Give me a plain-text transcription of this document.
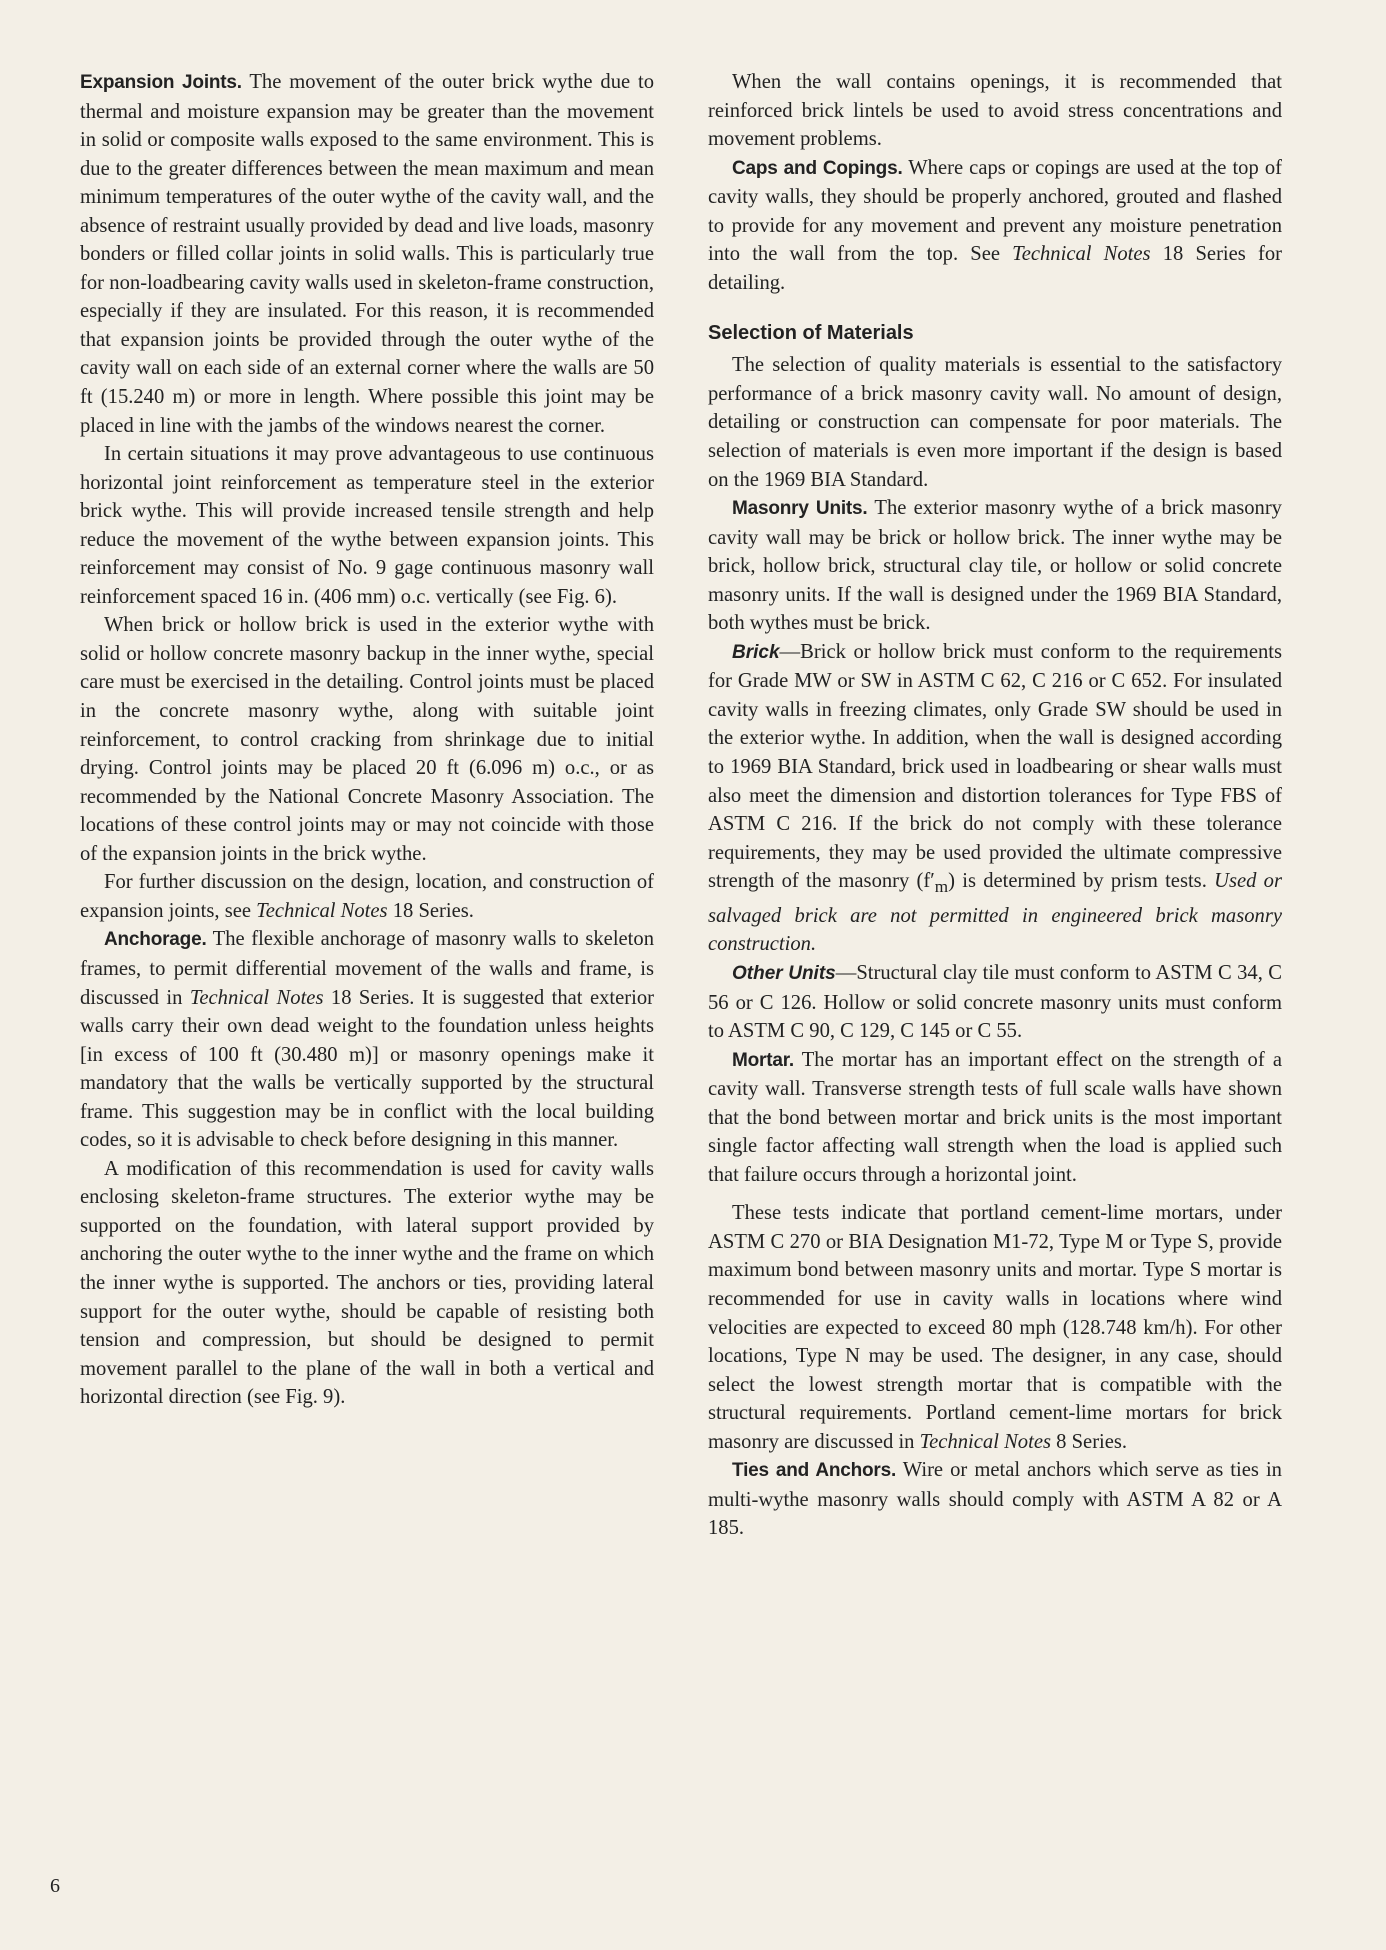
Expansion Joints. The movement of the outer brick wythe due to thermal and moisture expansion may be greater than the movement in solid or composite walls exposed to the same environment. This is due to the greater differences between the mean maximum and mean minimum temperatures of the outer wythe of the cavity wall, and the absence of restraint usually provided by dead and live loads, masonry bonders or filled collar joints in solid walls. This is particularly true for non-loadbearing cavity walls used in skeleton-frame construction, especially if they are insulated. For this reason, it is recommended that expansion joints be provided through the outer wythe of the cavity wall on each side of an external corner where the walls are 50 ft (15.240 m) or more in length. Where possible this joint may be placed in line with the jambs of the windows nearest the corner.

In certain situations it may prove advantageous to use continuous horizontal joint reinforcement as temperature steel in the exterior brick wythe. This will provide increased tensile strength and help reduce the movement of the wythe between expansion joints. This reinforcement may consist of No. 9 gage continuous masonry wall reinforcement spaced 16 in. (406 mm) o.c. vertically (see Fig. 6).

When brick or hollow brick is used in the exterior wythe with solid or hollow concrete masonry backup in the inner wythe, special care must be exercised in the detailing. Control joints must be placed in the concrete masonry wythe, along with suitable joint reinforcement, to control cracking from shrinkage due to initial drying. Control joints may be placed 20 ft (6.096 m) o.c., or as recommended by the National Concrete Masonry Association. The locations of these control joints may or may not coincide with those of the expansion joints in the brick wythe.

For further discussion on the design, location, and construction of expansion joints, see Technical Notes 18 Series.

Anchorage. The flexible anchorage of masonry walls to skeleton frames, to permit differential movement of the walls and frame, is discussed in Technical Notes 18 Series. It is suggested that exterior walls carry their own dead weight to the foundation unless heights [in excess of 100 ft (30.480 m)] or masonry openings make it mandatory that the walls be vertically supported by the structural frame. This suggestion may be in conflict with the local building codes, so it is advisable to check before designing in this manner.

A modification of this recommendation is used for cavity walls enclosing skeleton-frame structures. The exterior wythe may be supported on the foundation, with lateral support provided by anchoring the outer wythe to the inner wythe and the frame on which the inner wythe is supported. The anchors or ties, providing lateral support for the outer wythe, should be capable of resisting both tension and compression, but should be designed to permit movement parallel to the plane of the wall in both a vertical and horizontal direction (see Fig. 9).

When the wall contains openings, it is recommended that reinforced brick lintels be used to avoid stress concentrations and movement problems.

Caps and Copings. Where caps or copings are used at the top of cavity walls, they should be properly anchored, grouted and flashed to provide for any movement and prevent any moisture penetration into the wall from the top. See Technical Notes 18 Series for detailing.

Selection of Materials

The selection of quality materials is essential to the satisfactory performance of a brick masonry cavity wall. No amount of design, detailing or construction can compensate for poor materials. The selection of materials is even more important if the design is based on the 1969 BIA Standard.

Masonry Units. The exterior masonry wythe of a brick masonry cavity wall may be brick or hollow brick. The inner wythe may be brick, hollow brick, structural clay tile, or hollow or solid concrete masonry units. If the wall is designed under the 1969 BIA Standard, both wythes must be brick.

Brick—Brick or hollow brick must conform to the requirements for Grade MW or SW in ASTM C 62, C 216 or C 652. For insulated cavity walls in freezing climates, only Grade SW should be used in the exterior wythe. In addition, when the wall is designed according to 1969 BIA Standard, brick used in loadbearing or shear walls must also meet the dimension and distortion tolerances for Type FBS of ASTM C 216. If the brick do not comply with these tolerance requirements, they may be used provided the ultimate compressive strength of the masonry $(f'_m)$ is determined by prism tests. Used or salvaged brick are not permitted in engineered brick masonry construction.

Other Units—Structural clay tile must conform to ASTM C 34, C 56 or C 126. Hollow or solid concrete masonry units must conform to ASTM C 90, C 129, C 145 or C 55.

Mortar. The mortar has an important effect on the strength of a cavity wall. Transverse strength tests of full scale walls have shown that the bond between mortar and brick units is the most important single factor affecting wall strength when the load is applied such that failure occurs through a horizontal joint.

These tests indicate that portland cement-lime mortars, under ASTM C 270 or BIA Designation M1-72, Type M or Type S, provide maximum bond between masonry units and mortar. Type S mortar is recommended for use in cavity walls in locations where wind velocities are expected to exceed 80 mph (128.748 km/h). For other locations, Type N may be used. The designer, in any case, should select the lowest strength mortar that is compatible with the structural requirements. Portland cement-lime mortars for brick masonry are discussed in Technical Notes 8 Series.

Ties and Anchors. Wire or metal anchors which serve as ties in multi-wythe masonry walls should comply with ASTM A 82 or A 185.

6
